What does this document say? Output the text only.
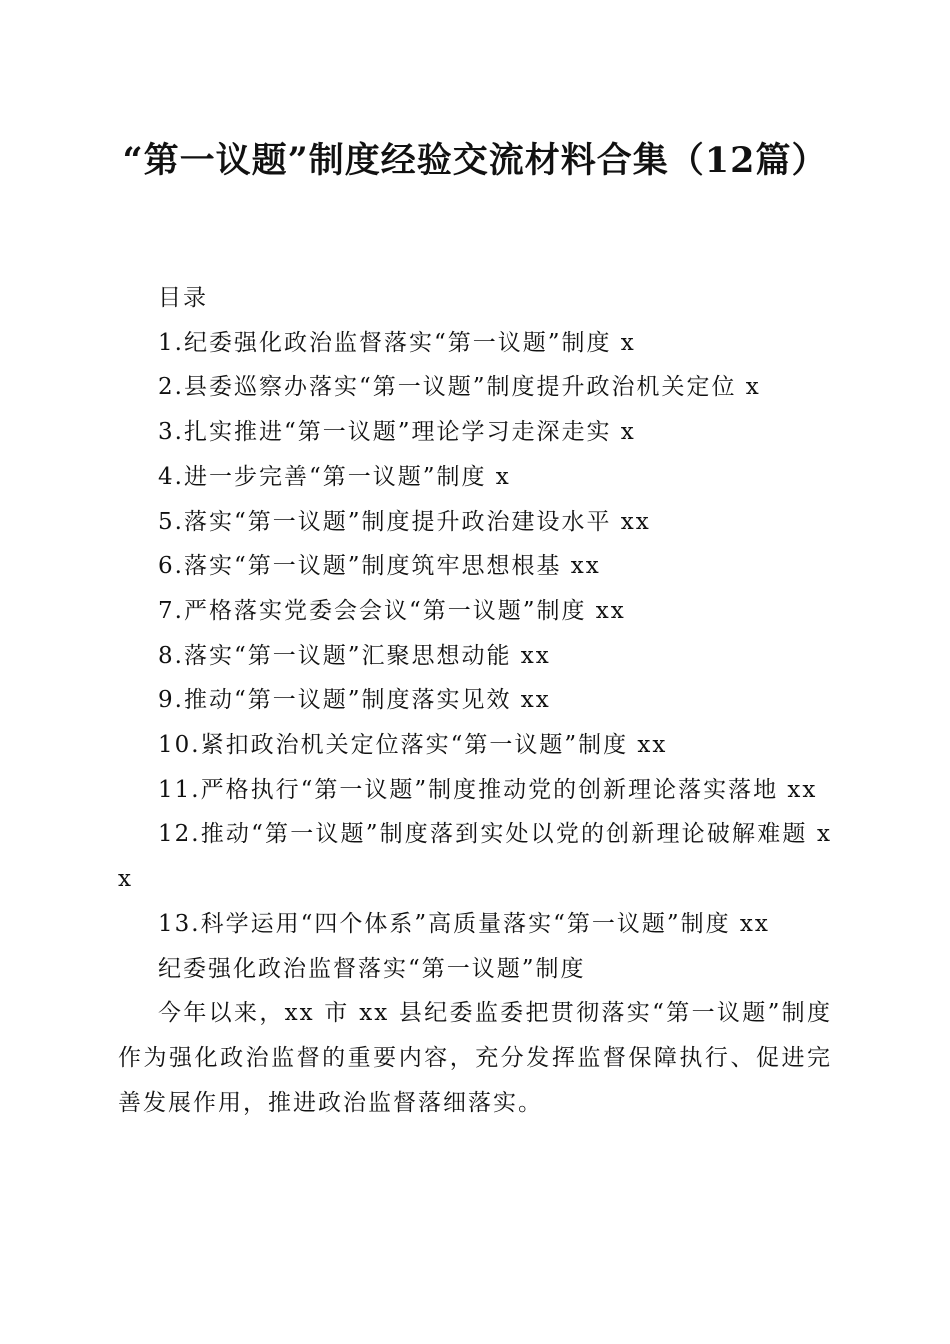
“第一议题”制度经验交流材料合集（12篇）

目录

1.纪委强化政治监督落实“第一议题”制度 x

2.县委巡察办落实“第一议题”制度提升政治机关定位 x

3.扎实推进“第一议题”理论学习走深走实 x

4.进一步完善“第一议题”制度 x

5.落实“第一议题”制度提升政治建设水平 xx

6.落实“第一议题”制度筑牢思想根基 xx

7.严格落实党委会会议“第一议题”制度 xx

8.落实“第一议题”汇聚思想动能 xx

9.推动“第一议题”制度落实见效 xx

10.紧扣政治机关定位落实“第一议题”制度 xx

11.严格执行“第一议题”制度推动党的创新理论落实落地 xx

12.推动“第一议题”制度落到实处以党的创新理论破解难题 xx

13.科学运用“四个体系”高质量落实“第一议题”制度 xx

纪委强化政治监督落实“第一议题”制度

今年以来，xx 市 xx 县纪委监委把贯彻落实“第一议题”制度作为强化政治监督的重要内容，充分发挥监督保障执行、促进完善发展作用，推进政治监督落细落实。
